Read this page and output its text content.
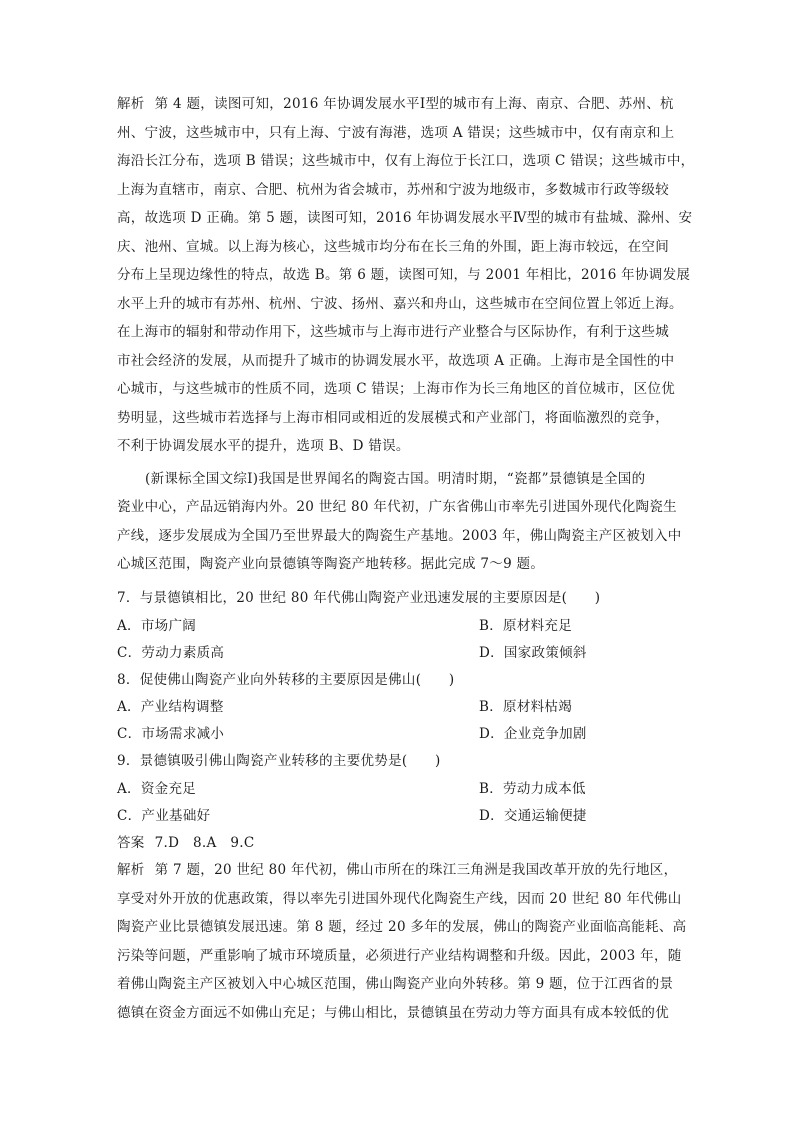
解析 第 4 题，读图可知，2016 年协调发展水平Ⅰ型的城市有上海、南京、合肥、苏州、杭
州、宁波，这些城市中，只有上海、宁波有海港，选项 A 错误；这些城市中，仅有南京和上
海沿长江分布，选项 B 错误；这些城市中，仅有上海位于长江口，选项 C 错误；这些城市中，
上海为直辖市，南京、合肥、杭州为省会城市，苏州和宁波为地级市，多数城市行政等级较
高，故选项 D 正确。第 5 题，读图可知，2016 年协调发展水平Ⅳ型的城市有盐城、滁州、安
庆、池州、宣城。以上海为核心，这些城市均分布在长三角的外围，距上海市较远，在空间
分布上呈现边缘性的特点，故选 B。第 6 题，读图可知，与 2001 年相比，2016 年协调发展
水平上升的城市有苏州、杭州、宁波、扬州、嘉兴和舟山，这些城市在空间位置上邻近上海。
在上海市的辐射和带动作用下，这些城市与上海市进行产业整合与区际协作，有利于这些城
市社会经济的发展，从而提升了城市的协调发展水平，故选项 A 正确。上海市是全国性的中
心城市，与这些城市的性质不同，选项 C 错误；上海市作为长三角地区的首位城市，区位优
势明显，这些城市若选择与上海市相同或相近的发展模式和产业部门，将面临激烈的竞争，
不利于协调发展水平的提升，选项 B、D 错误。
(新课标全国文综Ⅰ)我国是世界闻名的陶瓷古国。明清时期，“瓷都”景德镇是全国的
瓷业中心，产品远销海内外。20 世纪 80 年代初，广东省佛山市率先引进国外现代化陶瓷生
产线，逐步发展成为全国乃至世界最大的陶瓷生产基地。2003 年，佛山陶瓷主产区被划入中
心城区范围，陶瓷产业向景德镇等陶瓷产地转移。据此完成 7～9 题。
7．与景德镇相比，20 世纪 80 年代佛山陶瓷产业迅速发展的主要原因是(　　)
A．市场广阔	B．原材料充足
C．劳动力素质高	D．国家政策倾斜
8．促使佛山陶瓷产业向外转移的主要原因是佛山(　　)
A．产业结构调整	B．原材料枯竭
C．市场需求减小	D．企业竞争加剧
9．景德镇吸引佛山陶瓷产业转移的主要优势是(　　)
A．资金充足	B．劳动力成本低
C．产业基础好	D．交通运输便捷
答案 7.D　8.A　9.C
解析 第 7 题，20 世纪 80 年代初，佛山市所在的珠江三角洲是我国改革开放的先行地区，
享受对外开放的优惠政策，得以率先引进国外现代化陶瓷生产线，因而 20 世纪 80 年代佛山
陶瓷产业比景德镇发展迅速。第 8 题，经过 20 多年的发展，佛山的陶瓷产业面临高能耗、高
污染等问题，严重影响了城市环境质量，必须进行产业结构调整和升级。因此，2003 年，随
着佛山陶瓷主产区被划入中心城区范围，佛山陶瓷产业向外转移。第 9 题，位于江西省的景
德镇在资金方面远不如佛山充足；与佛山相比，景德镇虽在劳动力等方面具有成本较低的优
